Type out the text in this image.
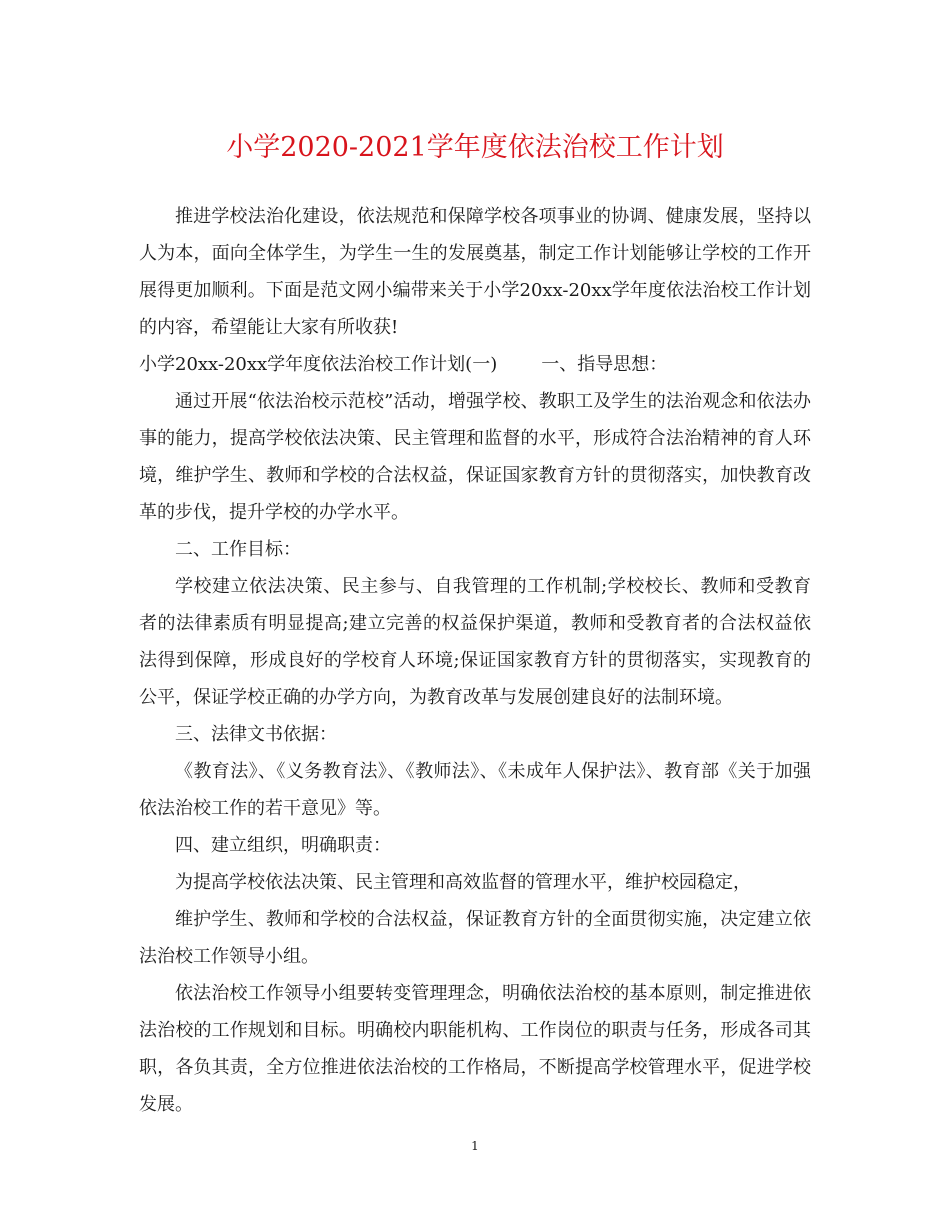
小学2020-2021学年度依法治校工作计划

推进学校法治化建设，依法规范和保障学校各项事业的协调、健康发展，坚持以人为本，面向全体学生，为学生一生的发展奠基，制定工作计划能够让学校的工作开展得更加顺利。下面是范文网小编带来关于小学20xx-20xx学年度依法治校工作计划的内容，希望能让大家有所收获!

小学20xx-20xx学年度依法治校工作计划(一) 一、指导思想：

通过开展“依法治校示范校”活动，增强学校、教职工及学生的法治观念和依法办事的能力，提高学校依法决策、民主管理和监督的水平，形成符合法治精神的育人环境，维护学生、教师和学校的合法权益，保证国家教育方针的贯彻落实，加快教育改革的步伐，提升学校的办学水平。

二、工作目标：

学校建立依法决策、民主参与、自我管理的工作机制;学校校长、教师和受教育者的法律素质有明显提高;建立完善的权益保护渠道，教师和受教育者的合法权益依法得到保障，形成良好的学校育人环境;保证国家教育方针的贯彻落实，实现教育的公平，保证学校正确的办学方向，为教育改革与发展创建良好的法制环境。

三、法律文书依据：

《教育法》、《义务教育法》、《教师法》、《未成年人保护法》、教育部《关于加强依法治校工作的若干意见》等。

四、建立组织，明确职责：

为提高学校依法决策、民主管理和高效监督的管理水平，维护校园稳定，

维护学生、教师和学校的合法权益，保证教育方针的全面贯彻实施，决定建立依法治校工作领导小组。

依法治校工作领导小组要转变管理理念，明确依法治校的基本原则，制定推进依法治校的工作规划和目标。明确校内职能机构、工作岗位的职责与任务，形成各司其职，各负其责，全方位推进依法治校的工作格局，不断提高学校管理水平，促进学校发展。

1
